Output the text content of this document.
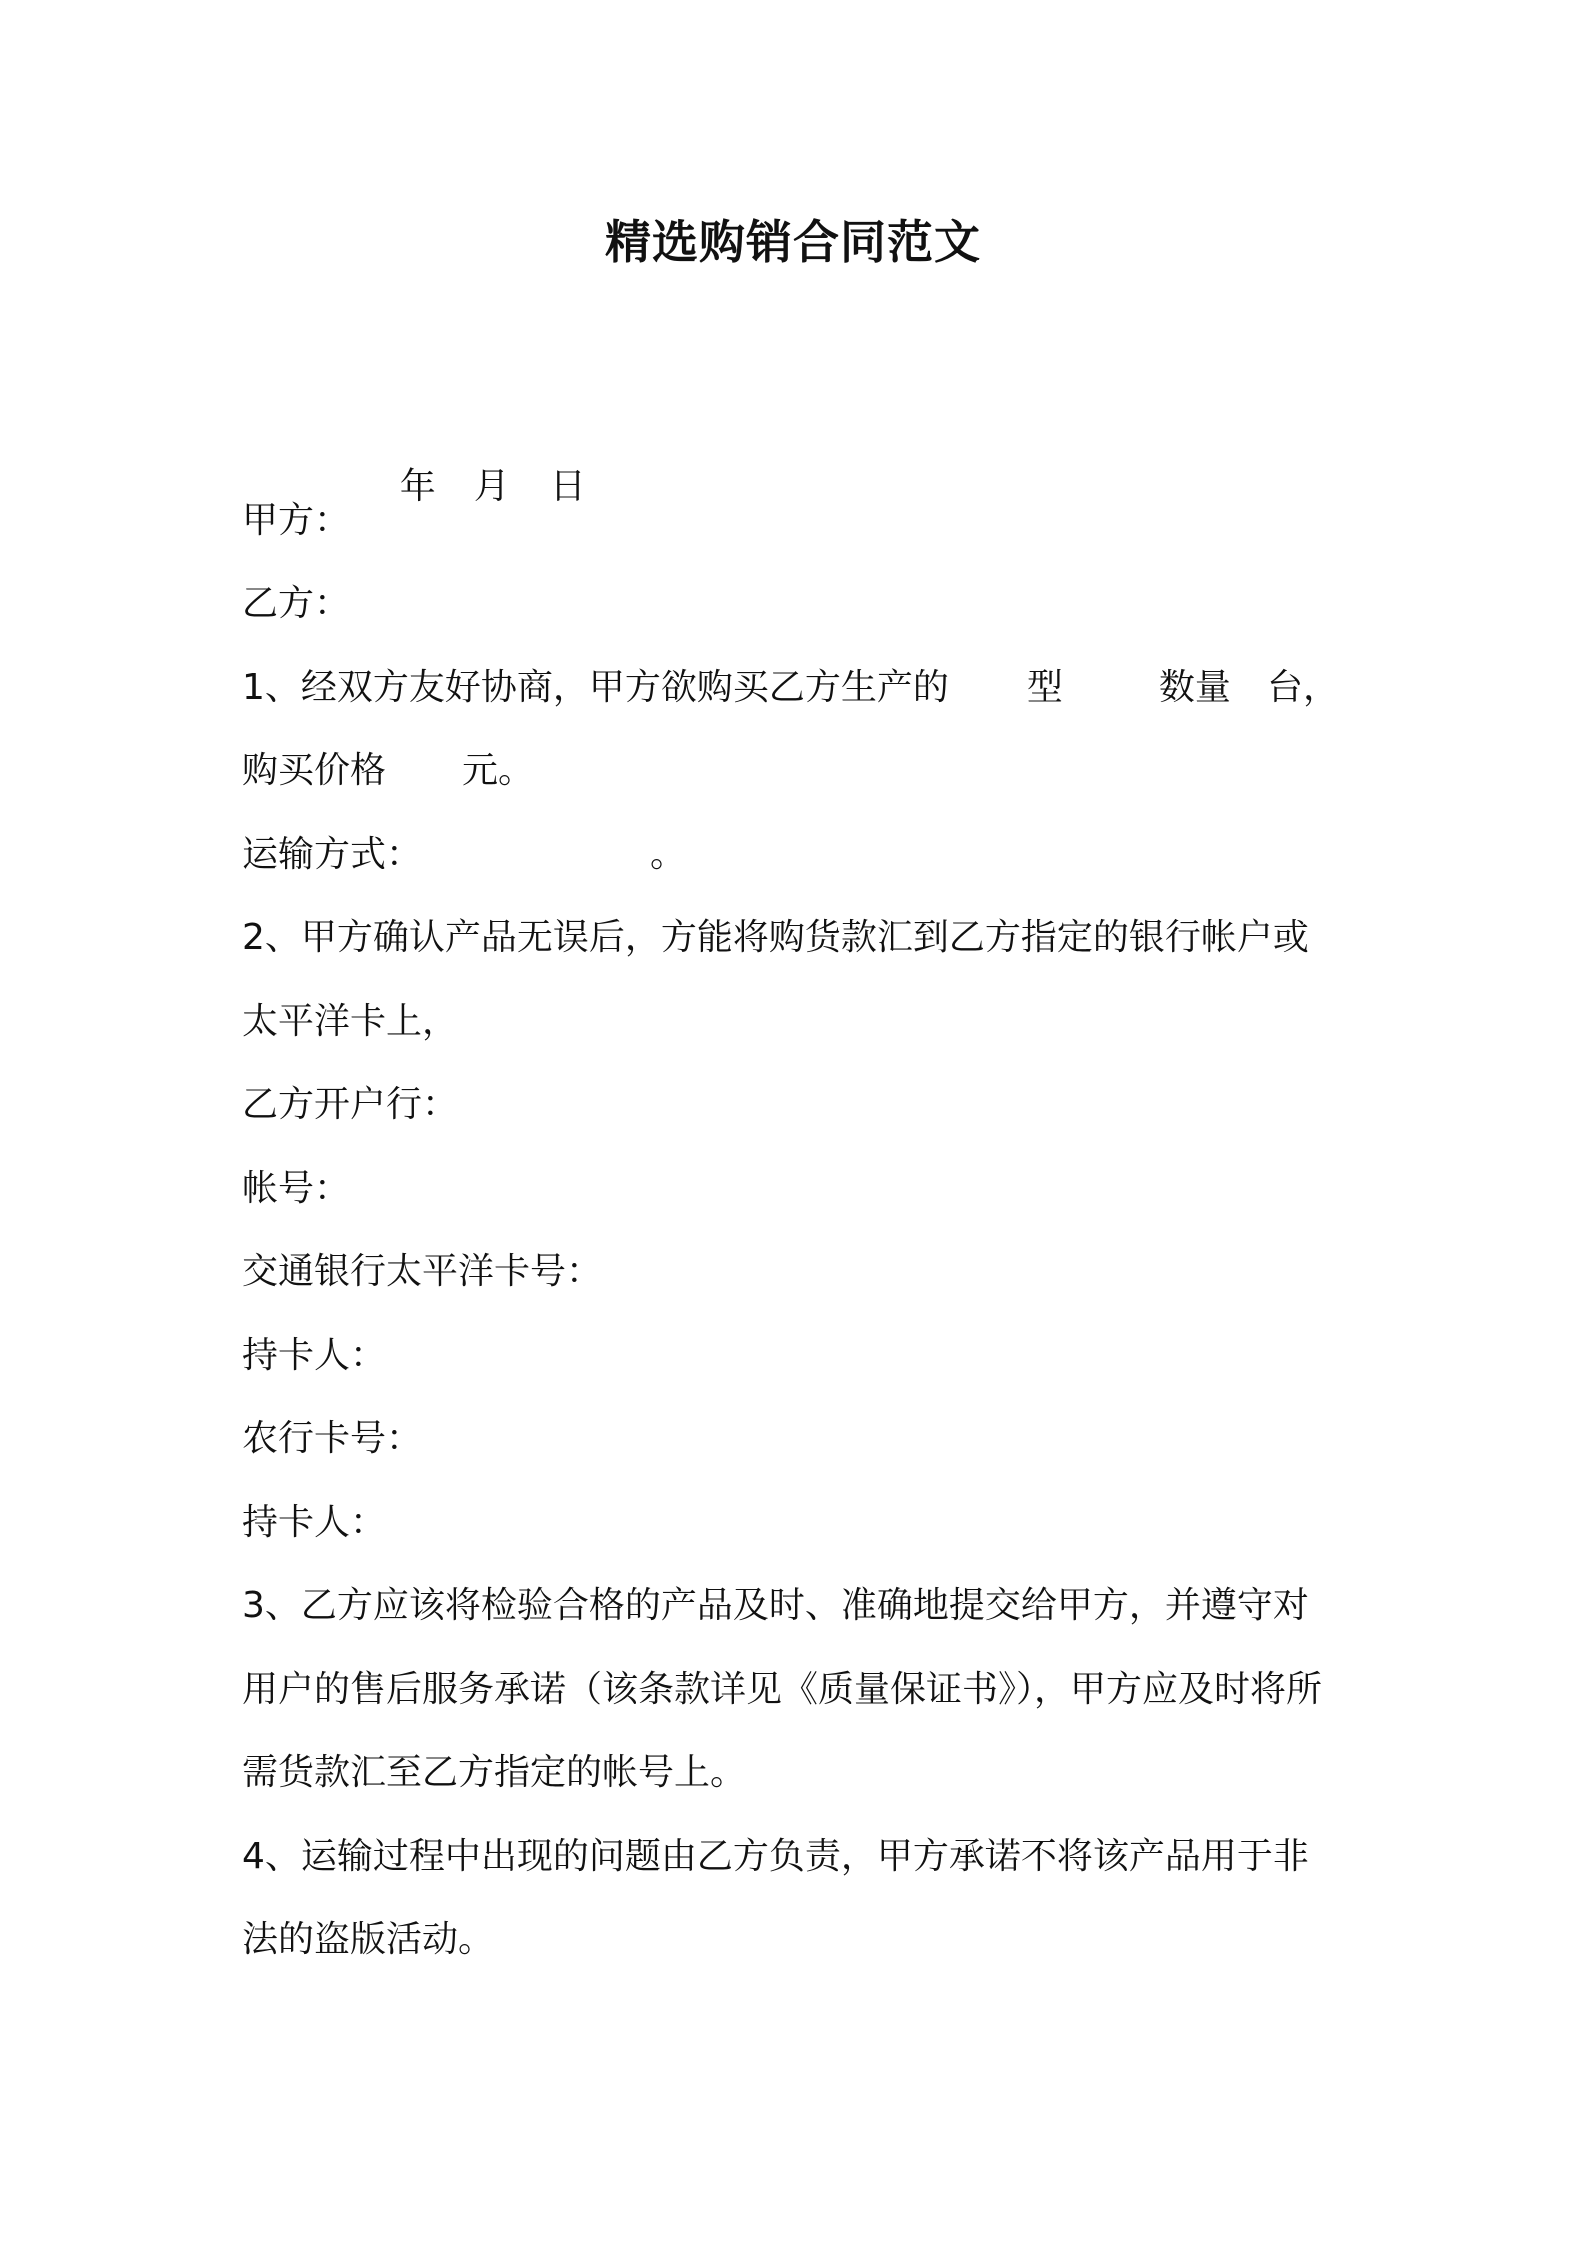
精选购销合同范文

年 月 日

甲方：
乙方：
1、经双方友好协商，甲方欲购买乙方生产的 型	数量 台，
购买价格 元。
运输方式：	。
2、甲方确认产品无误后，方能将购货款汇到乙方指定的银行帐户或
太平洋卡上，
乙方开户行：
帐号：
交通银行太平洋卡号：
持卡人：
农行卡号：
持卡人：
3、乙方应该将检验合格的产品及时、准确地提交给甲方，并遵守对
用户的售后服务承诺（该条款详见《质量保证书》），甲方应及时将所
需货款汇至乙方指定的帐号上。
4、运输过程中出现的问题由乙方负责，甲方承诺不将该产品用于非
法的盗版活动。
